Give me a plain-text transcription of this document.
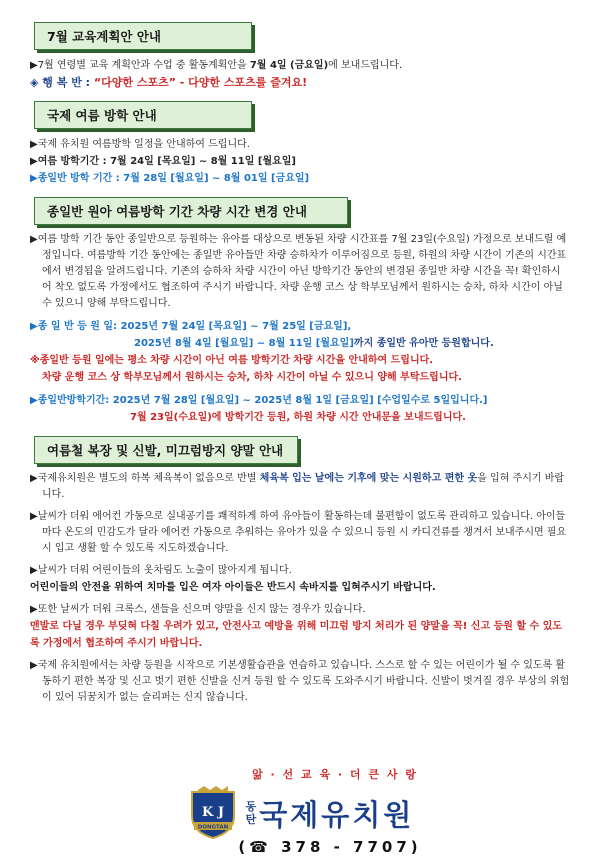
7월 교육계획안 안내

▶7월 연령별 교육 계획안과 수업 중 활동계획안을 7월 4일 (금요일)에 보내드립니다.

◈ 행 복 반 : “다양한 스포츠” - 다양한 스포츠를 즐겨요!

국제 여름 방학 안내

▶국제 유치원 여름방학 일정을 안내하여 드립니다.

▶여름 방학기간 : 7월 24일 [목요일] ~ 8월 11일 [월요일]

▶종일반 방학 기간 : 7월 28일 [월요일] ~ 8월 01일 [금요일]

종일반 원아 여름방학 기간 차량 시간 변경 안내

▶여름 방학 기간 동안 종일반으로 등원하는 유아를 대상으로 변동된 차량 시간표를 7월 23일(수요일) 가정으로 보내드릴 예정입니다. 여름방학 기간 동안에는 종일반 유아들만 차량 승하차가 이루어짐으로 등원, 하원의 차량 시간이 기존의 시간표에서 변경됨을 알려드립니다. 기존의 승하차 차량 시간이 아닌 방학기간 동안의 변경된 종일반 차량 시간을 꼭! 확인하시어 착오 없도록 가정에서도 협조하여 주시기 바랍니다. 차량 운행 코스 상 학부모님께서 원하시는 승차, 하차 시간이 아닐 수 있으니 양해 부탁드립니다.

▶종 일 반 등 원 일: 2025년 7월 24일 [목요일] ~ 7월 25일 [금요일],

2025년 8월 4일 [월요일] ~ 8월 11일 [월요일]까지 종일반 유아만 등원합니다.

※종일반 등원 일에는 평소 차량 시간이 아닌 여름 방학기간 차량 시간을 안내하여 드립니다.

차량 운행 코스 상 학부모님께서 원하시는 승차, 하차 시간이 아닐 수 있으니 양해 부탁드립니다.

▶종일반방학기간: 2025년 7월 28일 [월요일] ~ 2025년 8월 1일 [금요일] [수업일수로 5일입니다.]

7월 23일(수요일)에 방학기간 등원, 하원 차량 시간 안내문을 보내드립니다.

여름철 복장 및 신발, 미끄럼방지 양말 안내

▶국제유치원은 별도의 하복 체육복이 없음으로 반별 체육복 입는 날에는 기후에 맞는 시원하고 편한 옷을 입혀 주시기 바랍니다.

▶날씨가 더워 에어컨 가동으로 실내공기를 쾌적하게 하여 유아들이 활동하는데 불편함이 없도록 관리하고 있습니다. 아이들 마다 온도의 민감도가 달라 에어컨 가동으로 추워하는 유아가 있을 수 있으니 등원 시 카디건류를 챙겨서 보내주시면 필요시 입고 생활 할 수 있도록 지도하겠습니다.

▶날씨가 더워 어린이들의 옷차림도 노출이 많아지게 됩니다.

어린이들의 안전을 위하여 치마를 입은 여자 아이들은 반드시 속바지를 입혀주시기 바랍니다.

▶또한 날씨가 더워 크록스, 샌들을 신으며 양말을 신지 않는 경우가 있습니다.

맨발로 다닐 경우 부딪혀 다칠 우려가 있고, 안전사고 예방을 위해 미끄럼 방지 처리가 된 양말을 꼭! 신고 등원 할 수 있도록 가정에서 협조하여 주시기 바랍니다.

▶국제 유치원에서는 차량 등원을 시작으로 기본생활습관을 연습하고 있습니다. 스스로 할 수 있는 어린이가 될 수 있도록 활동하기 편한 복장 및 신고 벗기 편한 신발을 신겨 등원 할 수 있도록 도와주시기 바랍니다. 신발이 벗겨질 경우 부상의 위험이 있어 뒤꿈치가 없는 슬리퍼는 신지 않습니다.

앎 · 선 교 육 · 더 큰 사 랑
K J
DONGTAN
동
탄 국제유치원
(☎ 378 - 7707)
